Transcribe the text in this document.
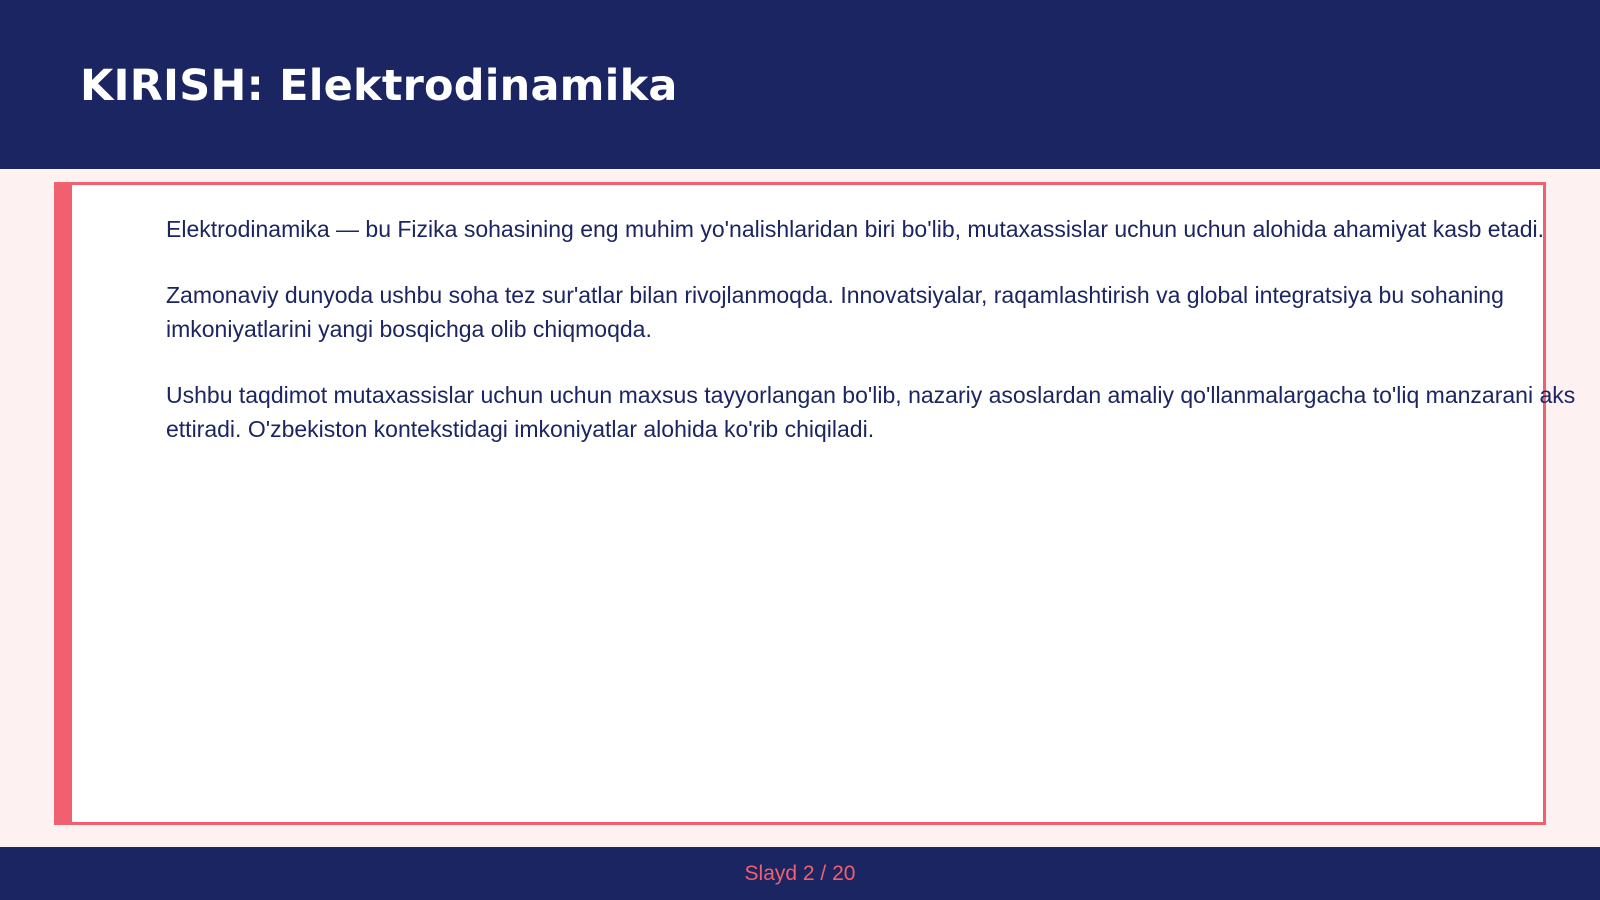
KIRISH: Elektrodinamika

Elektrodinamika — bu Fizika sohasining eng muhim yo'nalishlaridan biri bo'lib, mutaxassislar uchun uchun alohida ahamiyat kasb etadi.

Zamonaviy dunyoda ushbu soha tez sur'atlar bilan rivojlanmoqda. Innovatsiyalar, raqamlashtirish va global integratsiya bu sohaning imkoniyatlarini yangi bosqichga olib chiqmoqda.

Ushbu taqdimot mutaxassislar uchun uchun maxsus tayyorlangan bo'lib, nazariy asoslardan amaliy qo'llanmalargacha to'liq manzarani aks ettiradi. O'zbekiston kontekstidagi imkoniyatlar alohida ko'rib chiqiladi.

Slayd 2 / 20
